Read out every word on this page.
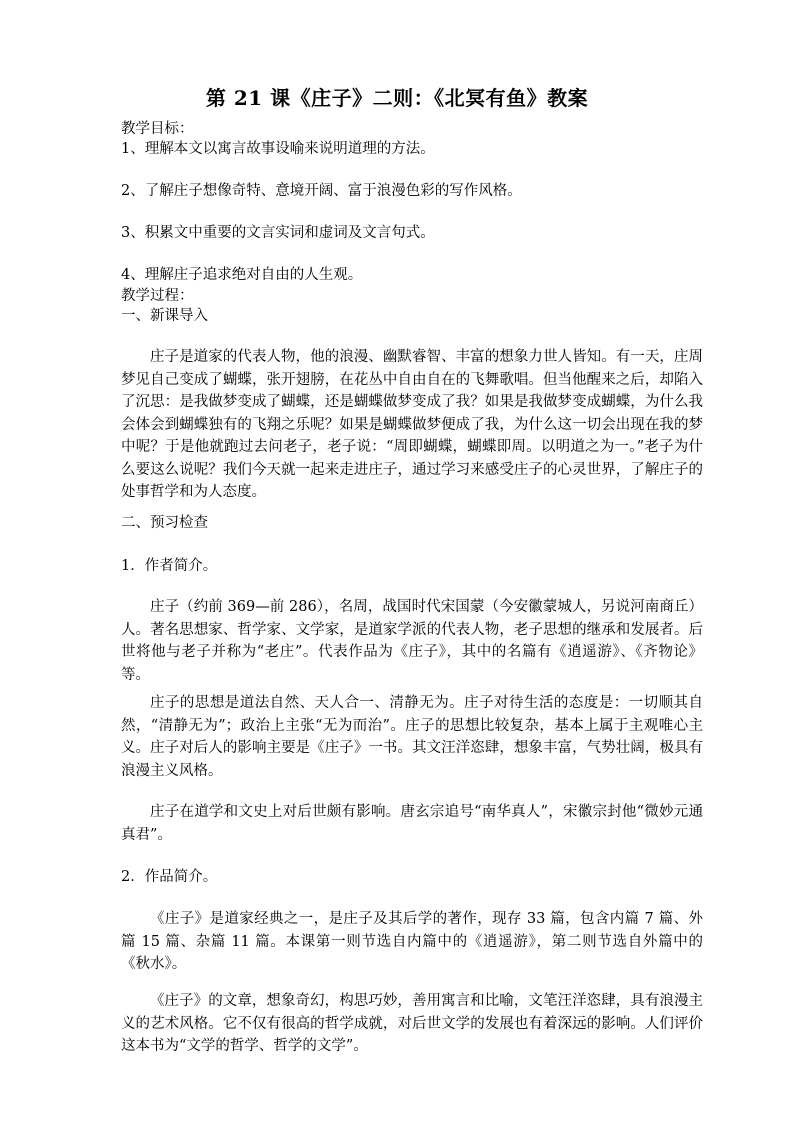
第 21 课《庄子》二则：《北冥有鱼》教案
教学目标：
1、理解本文以寓言故事设喻来说明道理的方法。
2、了解庄子想像奇特、意境开阔、富于浪漫色彩的写作风格。
3、积累文中重要的文言实词和虚词及文言句式。
4、理解庄子追求绝对自由的人生观。
教学过程：
一、新课导入
庄子是道家的代表人物，他的浪漫、幽默睿智、丰富的想象力世人皆知。有一天，庄周梦见自己变成了蝴蝶，张开翅膀，在花丛中自由自在的飞舞歌唱。但当他醒来之后，却陷入了沉思：是我做梦变成了蝴蝶，还是蝴蝶做梦变成了我？如果是我做梦变成蝴蝶，为什么我会体会到蝴蝶独有的飞翔之乐呢？如果是蝴蝶做梦便成了我，为什么这一切会出现在我的梦中呢？于是他就跑过去问老子，老子说：“周即蝴蝶，蝴蝶即周。以明道之为一。”老子为什么要这么说呢？我们今天就一起来走进庄子，通过学习来感受庄子的心灵世界，了解庄子的处事哲学和为人态度。
二、预习检查
1．作者简介。
庄子（约前 369—前 286），名周，战国时代宋国蒙（今安徽蒙城人，另说河南商丘）人。著名思想家、哲学家、文学家，是道家学派的代表人物，老子思想的继承和发展者。后世将他与老子并称为“老庄”。代表作品为《庄子》，其中的名篇有《逍遥游》、《齐物论》等。
庄子的思想是道法自然、天人合一、清静无为。庄子对待生活的态度是：一切顺其自然，“清静无为”；政治上主张“无为而治”。庄子的思想比较复杂，基本上属于主观唯心主义。庄子对后人的影响主要是《庄子》一书。其文汪洋恣肆，想象丰富，气势壮阔，极具有浪漫主义风格。
庄子在道学和文史上对后世颇有影响。唐玄宗追号“南华真人”，宋徽宗封他“微妙元通真君”。
2．作品简介。
《庄子》是道家经典之一，是庄子及其后学的著作，现存 33 篇，包含内篇 7 篇、外篇 15 篇、杂篇 11 篇。本课第一则节选自内篇中的《逍遥游》，第二则节选自外篇中的《秋水》。
《庄子》的文章，想象奇幻，构思巧妙，善用寓言和比喻，文笔汪洋恣肆，具有浪漫主义的艺术风格。它不仅有很高的哲学成就，对后世文学的发展也有着深远的影响。人们评价这本书为“文学的哲学、哲学的文学”。
